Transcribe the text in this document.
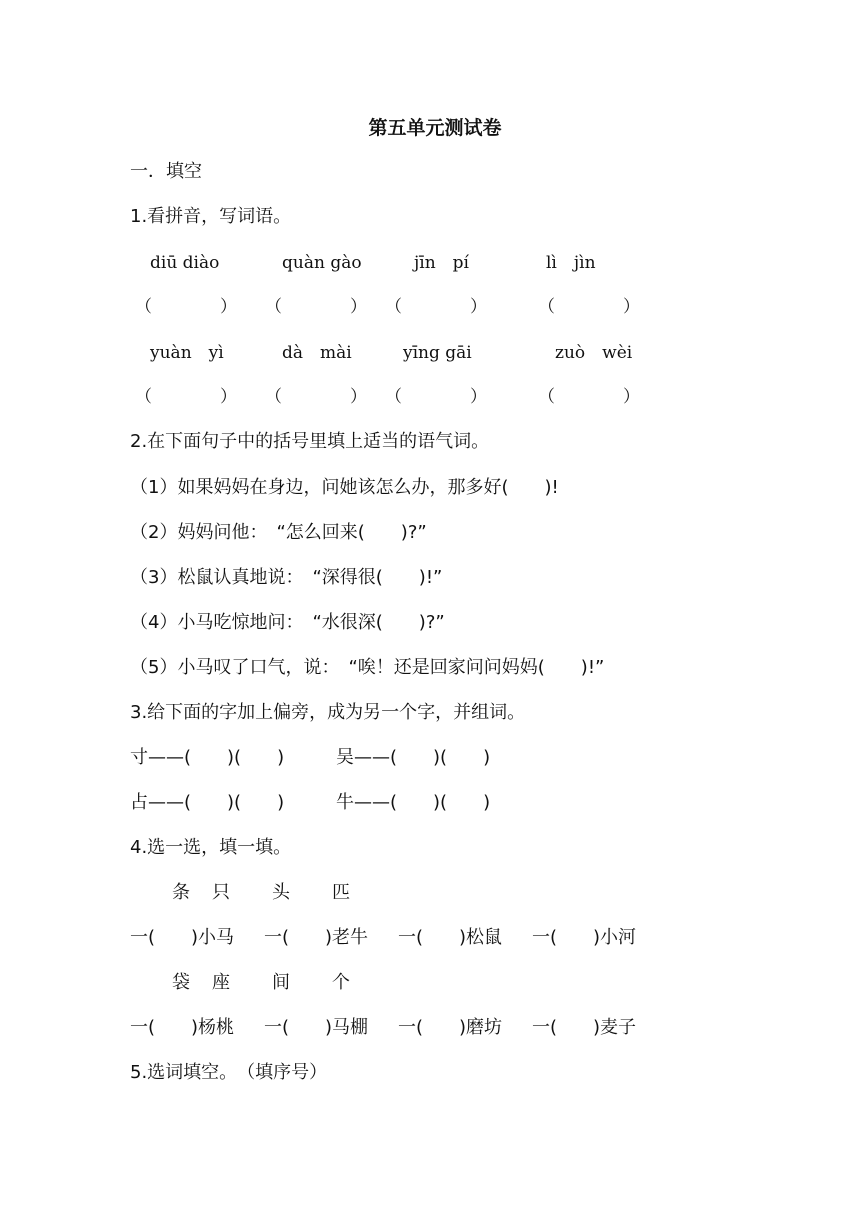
第五单元测试卷
一．填空
1.看拼音，写词语。
diū diào	quàn gào	jīn　pí	lì　jìn
（　　　　） （　　　　） （　　　　）	（　　　　）
yuàn　yì	dà　mài	yīng gāi	zuò　wèi
（　　　　） （　　　　） （　　　　）	（　　　　）
2.在下面句子中的括号里填上适当的语气词。
（1）如果妈妈在身边，问她该怎么办，那多好(　　)!
（2）妈妈问他：　“怎么回来(　　)?”
（3）松鼠认真地说：　“深得很(　　)!”
（4）小马吃惊地问：　“水很深(　　)?”
（5）小马叹了口气，说：　“唉！还是回家问问妈妈(　　)!”
3.给下面的字加上偏旁，成为另一个字，并组词。
寸——(　　)(　　)	吴——(　　)(　　)
占——(　　)(　　)	牛——(　　)(　　)
4.选一选，填一填。
条 只 头 匹
一(　　)小马 一(　　)老牛 一(　　)松鼠 一(　　)小河
袋 座 间 个
一(　　)杨桃 一(　　)马棚 一(　　)磨坊 一(　　)麦子
5.选词填空。　（填序号）
